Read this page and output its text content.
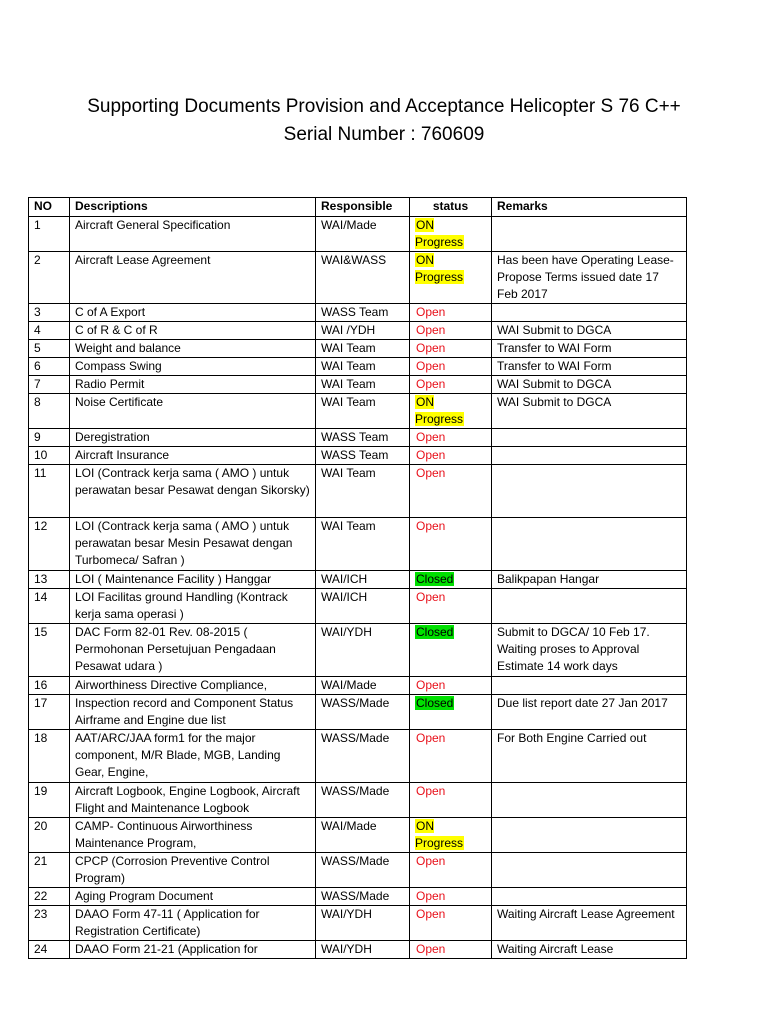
Supporting Documents Provision and Acceptance Helicopter S 76 C++
Serial Number : 760609
NO	Descriptions	Responsible	status	Remarks
1	Aircraft General Specification	WAI/Made	ON Progress	
2	Aircraft Lease Agreement	WAI&WASS	ON Progress	Has been have Operating Lease-Propose Terms issued date 17 Feb 2017
3	C of A Export	WASS Team	Open	
4	C of R & C of R	WAI /YDH	Open	WAI Submit to DGCA
5	Weight and balance	WAI Team	Open	Transfer to WAI Form
6	Compass Swing	WAI Team	Open	Transfer to WAI Form
7	Radio Permit	WAI Team	Open	WAI Submit to DGCA
8	Noise Certificate	WAI Team	ON Progress	WAI Submit to DGCA
9	Deregistration	WASS Team	Open	
10	Aircraft Insurance	WASS Team	Open	
11	LOI (Contrack kerja sama ( AMO ) untuk perawatan besar Pesawat dengan Sikorsky)	WAI Team	Open	
12	LOI (Contrack kerja sama ( AMO ) untuk perawatan besar Mesin Pesawat dengan Turbomeca/ Safran )	WAI Team	Open	
13	LOI ( Maintenance Facility ) Hanggar	WAI/ICH	Closed	Balikpapan Hangar
14	LOI Facilitas ground Handling (Kontrack kerja sama operasi )	WAI/ICH	Open	
15	DAC Form 82-01 Rev. 08-2015 ( Permohonan Persetujuan Pengadaan Pesawat udara )	WAI/YDH	Closed	Submit to DGCA/ 10 Feb 17. Waiting proses to Approval Estimate 14 work days
16	Airworthiness Directive Compliance,	WAI/Made	Open	
17	Inspection record and Component Status Airframe and Engine due list	WASS/Made	Closed	Due list report date 27 Jan 2017
18	AAT/ARC/JAA form1 for the major component, M/R Blade, MGB, Landing Gear, Engine,	WASS/Made	Open	For Both Engine Carried out
19	Aircraft Logbook, Engine Logbook, Aircraft Flight and Maintenance Logbook	WASS/Made	Open	
20	CAMP- Continuous Airworthiness Maintenance Program,	WAI/Made	ON Progress	
21	CPCP (Corrosion Preventive Control Program)	WASS/Made	Open	
22	Aging Program Document	WASS/Made	Open	
23	DAAO Form 47-11 ( Application for Registration Certificate)	WAI/YDH	Open	Waiting Aircraft Lease Agreement
24	DAAO Form 21-21 (Application for	WAI/YDH	Open	Waiting Aircraft Lease
